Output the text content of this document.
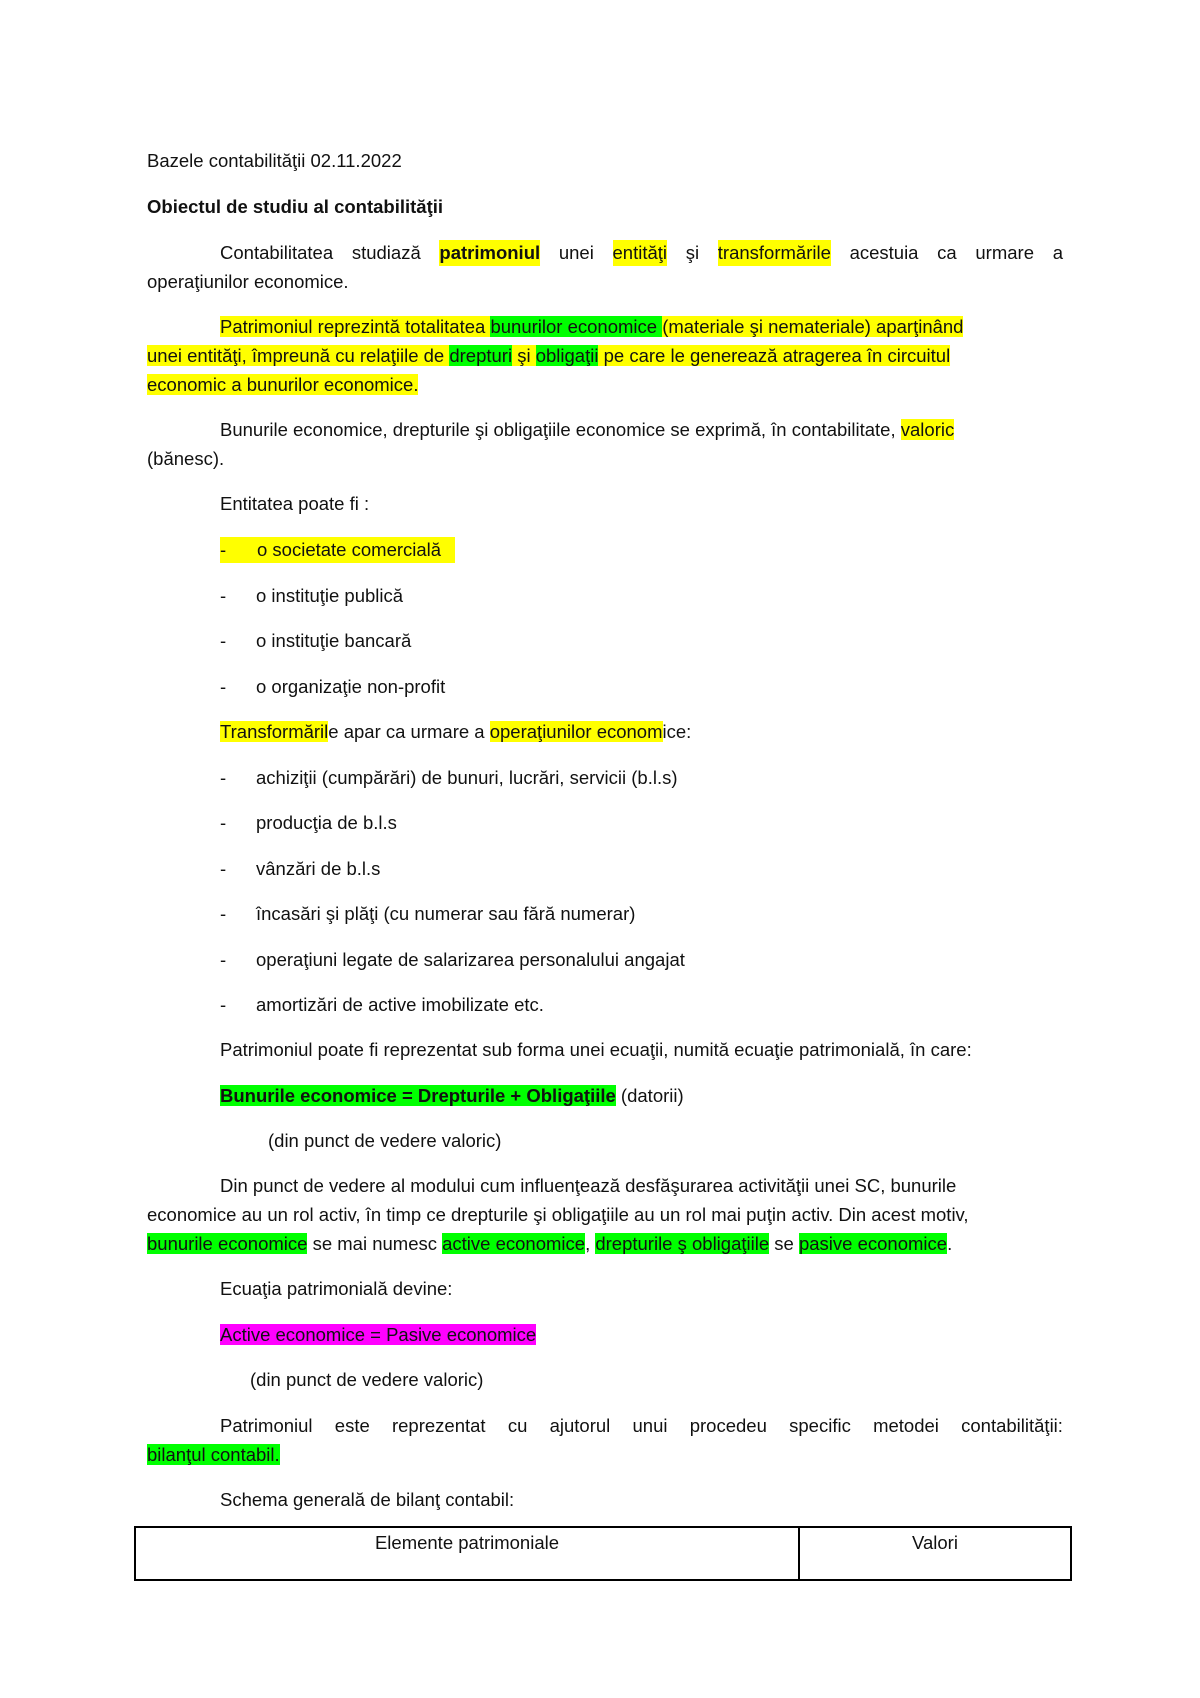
Bazele contabilităţii 02.11.2022
Obiectul de studiu al contabilităţii
Contabilitatea studiază patrimoniul unei entităţi şi transformările acestuia ca urmare a
operaţiunilor economice.
Patrimoniul reprezintă totalitatea bunurilor economice (materiale şi nemateriale) aparţinând
unei entităţi, împreună cu relaţiile de drepturi şi obligaţii pe care le generează atragerea în circuitul
economic a bunurilor economice.
Bunurile economice, drepturile şi obligaţiile economice se exprimă, în contabilitate, valoric
(bănesc).
Entitatea poate fi :
-      o societate comercială
- o instituţie publică
- o instituţie bancară
- o organizaţie non-profit
Transformările apar ca urmare a operaţiunilor economice:
- achiziţii (cumpărări) de bunuri, lucrări, servicii (b.l.s)
- producţia de b.l.s
- vânzări de b.l.s
- încasări şi plăţi (cu numerar sau fără numerar)
- operaţiuni legate de salarizarea personalului angajat
- amortizări de active imobilizate etc.
Patrimoniul poate fi reprezentat sub forma unei ecuaţii, numită ecuaţie patrimonială, în care:
Bunurile economice = Drepturile + Obligaţiile (datorii)
(din punct de vedere valoric)
Din punct de vedere al modului cum influenţează desfăşurarea activităţii unei SC, bunurile
economice au un rol activ, în timp ce drepturile şi obligaţiile au un rol mai puţin activ. Din acest motiv,
bunurile economice se mai numesc active economice, drepturile ş obligaţiile se pasive economice.
Ecuaţia patrimonială devine:
Active economice = Pasive economice
(din punct de vedere valoric)
Patrimoniul este reprezentat cu ajutorul unui procedeu specific metodei contabilităţii:
bilanţul contabil.
Schema generală de bilanţ contabil:
Elemente patrimoniale	Valori
